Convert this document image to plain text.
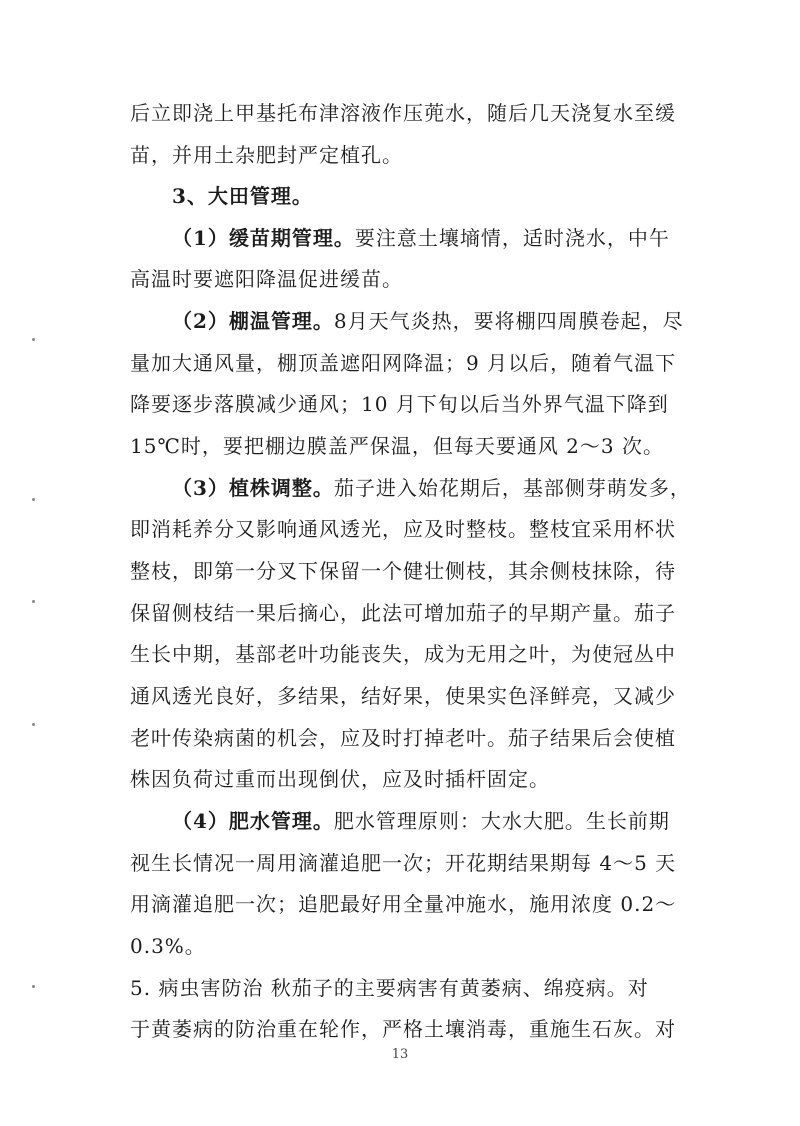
后立即浇上甲基托布津溶液作压蔸水，随后几天浇复水至缓
苗，并用土杂肥封严定植孔。
3、大田管理。
（1）缓苗期管理。要注意土壤墒情，适时浇水，中午
高温时要遮阳降温促进缓苗。
（2）棚温管理。8月天气炎热，要将棚四周膜卷起，尽
量加大通风量，棚顶盖遮阳网降温；9 月以后，随着气温下
降要逐步落膜减少通风；10 月下旬以后当外界气温下降到
15℃时，要把棚边膜盖严保温，但每天要通风 2～3 次。
（3）植株调整。茄子进入始花期后，基部侧芽萌发多，
即消耗养分又影响通风透光，应及时整枝。整枝宜采用杯状
整枝，即第一分叉下保留一个健壮侧枝，其余侧枝抹除，待
保留侧枝结一果后摘心，此法可增加茄子的早期产量。茄子
生长中期，基部老叶功能丧失，成为无用之叶，为使冠丛中
通风透光良好，多结果，结好果，使果实色泽鲜亮，又减少
老叶传染病菌的机会，应及时打掉老叶。茄子结果后会使植
株因负荷过重而出现倒伏，应及时插杆固定。
（4）肥水管理。肥水管理原则：大水大肥。生长前期
视生长情况一周用滴灌追肥一次；开花期结果期每 4～5 天
用滴灌追肥一次；追肥最好用全量冲施水，施用浓度 0.2～
0.3%。
5. 病虫害防治 秋茄子的主要病害有黄萎病、绵疫病。对
于黄萎病的防治重在轮作，严格土壤消毒，重施生石灰。对
13
